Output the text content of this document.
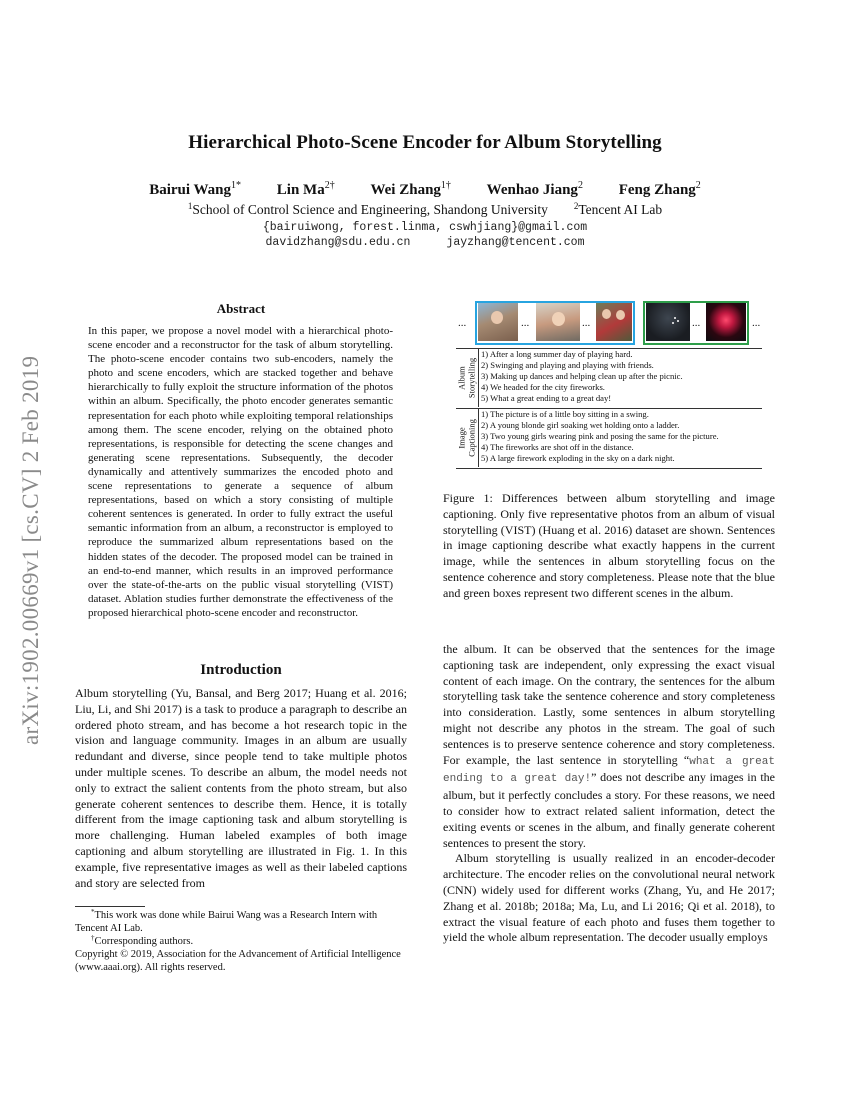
arXiv:1902.00669v1 [cs.CV] 2 Feb 2019
Hierarchical Photo-Scene Encoder for Album Storytelling
Bairui Wang$^{1*}$ Lin $Ma^{2\dagger}$ Wei Zhang$^{1\dagger}$ Wenhao Jiang$^2$ Feng Zhang$^2$
$^1$School of Control Science and Engineering, Shandong University	$^2$Tencent AI Lab
{bairuiwong, forest.linma, cswhjiang}@gmail.com
davidzhang@sdu.edu.cn	jayzhang@tencent.com
Abstract
In this paper, we propose a novel model with a hierarchical photo-scene encoder and a reconstructor for the task of album storytelling. The photo-scene encoder contains two sub-encoders, namely the photo and scene encoders, which are stacked together and behave hierarchically to fully exploit the structure information of the photos within an album. Specifically, the photo encoder generates semantic representation for each photo while exploiting temporal relationships among them. The scene encoder, relying on the obtained photo representations, is responsible for detecting the scene changes and generating scene representations. Subsequently, the decoder dynamically and attentively summarizes the encoded photo and scene representations to generate a sequence of album representations, based on which a story consisting of multiple coherent sentences is generated. In order to fully extract the useful semantic information from an album, a reconstructor is employed to reproduce the summarized album representations based on the hidden states of the decoder. The proposed model can be trained in an end-to-end manner, which results in an improved performance over the state-of-the-arts on the public visual storytelling (VIST) dataset. Ablation studies further demonstrate the effectiveness of the proposed hierarchical photo-scene encoder and reconstructor.
Introduction

Album storytelling (Yu, Bansal, and Berg 2017; Huang et al. 2016; Liu, Li, and Shi 2017) is a task to produce a paragraph to describe an ordered photo stream, and has become a hot research topic in the vision and language community. Images in an album are usually redundant and diverse, since people tend to take multiple photos under multiple scenes. To describe an album, the model needs not only to extract the salient contents from the photo stream, but also generate coherent sentences to describe them. Hence, it is totally different from the image captioning task and album storytelling is more challenging. Human labeled examples of both image captioning and album storytelling are illustrated in Fig. 1. In this example, five representative images as well as their labeled captions and story are selected from

*This work was done while Bairui Wang was a Research Intern with Tencent AI Lab.

†Corresponding authors.

Copyright © 2019, Association for the Advancement of Artificial Intelligence (www.aaai.org). All rights reserved.

...	...	...	...	...
Album
Storytelling
1) After a long summer day of playing hard.
2) Swinging and playing and playing with friends.
3) Making up dances and helping clean up after the picnic.
4) We headed for the city fireworks.
5) What a great ending to a great day!
Image
Captioning
1) The picture is of a little boy sitting in a swing.
2) A young blonde girl soaking wet holding onto a ladder.
3) Two young girls wearing pink and posing the same for the picture.
4) The fireworks are shot off in the distance.
5) A large firework exploding in the sky on a dark night.
Figure 1: Differences between album storytelling and image captioning. Only five representative photos from an album of visual storytelling (VIST) (Huang et al. 2016) dataset are shown. Sentences in image captioning describe what exactly happens in the current image, while the sentences in album storytelling focus on the sentence coherence and story completeness. Please note that the blue and green boxes represent two different scenes in the album.

the album. It can be observed that the sentences for the image captioning task are independent, only expressing the exact visual content of each image. On the contrary, the sentences for the album storytelling task take the sentence coherence and story completeness into consideration. Lastly, some sentences in album storytelling might not describe any photos in the stream. The goal of such sentences is to preserve sentence coherence and story completeness. For example, the last sentence in storytelling “what a great ending to a great day!” does not describe any images in the album, but it perfectly concludes a story. For these reasons, we need to consider how to extract related salient information, detect the exiting events or scenes in the album, and finally generate coherent sentences to present the story.

Album storytelling is usually realized in an encoder-decoder architecture. The encoder relies on the convolutional neural network (CNN) widely used for different works (Zhang, Yu, and He 2017; Zhang et al. 2018b; 2018a; Ma, Lu, and Li 2016; Qi et al. 2018), to extract the visual feature of each photo and fuses them together to yield the whole album representation. The decoder usually employs
